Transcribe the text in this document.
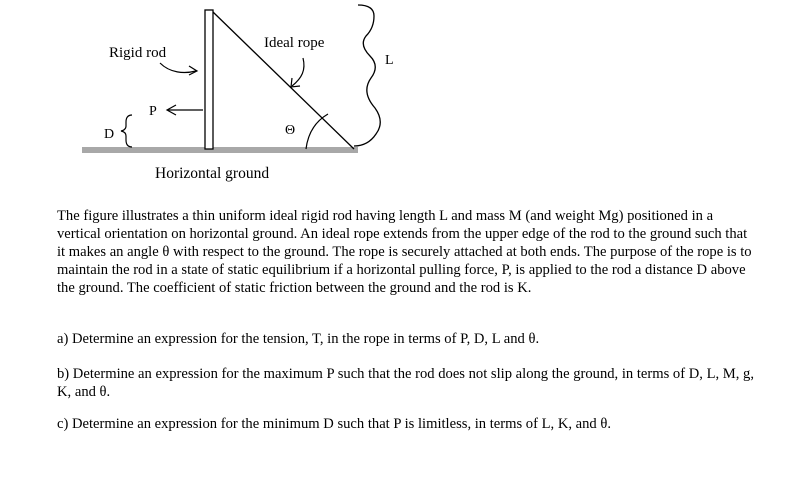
Rigid rod
Ideal rope
L
P
D	Θ
Horizontal ground

The figure illustrates a thin uniform ideal rigid rod having length L and mass M (and weight Mg) positioned in a vertical orientation on horizontal ground. An ideal rope extends from the upper edge of the rod to the ground such that it makes an angle θ with respect to the ground. The rope is securely attached at both ends. The purpose of the rope is to maintain the rod in a state of static equilibrium if a horizontal pulling force, P, is applied to the rod a distance D above the ground. The coefficient of static friction between the ground and the rod is K.

a) Determine an expression for the tension, T, in the rope in terms of P, D, L and θ.

b) Determine an expression for the maximum P such that the rod does not slip along the ground, in terms of D, L, M, g, K, and θ.

c) Determine an expression for the minimum D such that P is limitless, in terms of L, K, and θ.
